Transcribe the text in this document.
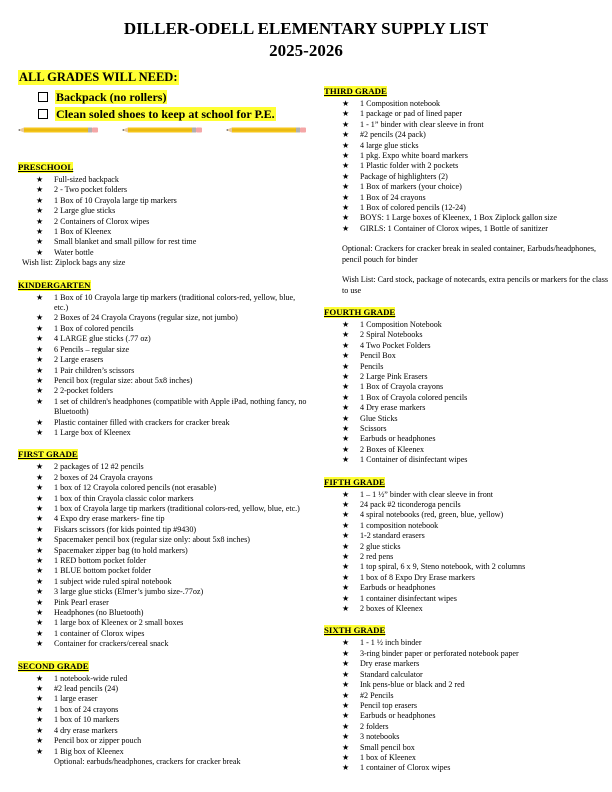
DILLER-ODELL ELEMENTARY SUPPLY LIST
2025-2026
ALL GRADES WILL NEED:
Backpack (no rollers)
Clean soled shoes to keep at school for P.E.
PRESCHOOL
★ Full-sized backpack
★ 2 - Two pocket folders
★ 1 Box of 10 Crayola large tip markers
★ 2 Large glue sticks
★ 2 Containers of Clorox wipes
★ 1 Box of Kleenex
★ Small blanket and small pillow for rest time
★ Water bottle
Wish list: Ziplock bags any size
KINDERGARTEN
★ 1 Box of 10 Crayola large tip markers (traditional colors-red, yellow, blue, etc.)
★ 2 Boxes of 24 Crayola Crayons (regular size, not jumbo)
★ 1 Box of colored pencils
★ 4 LARGE glue sticks (.77 oz)
★ 6 Pencils – regular size
★ 2 Large erasers
★ 1 Pair children’s scissors
★ Pencil box (regular size: about 5x8 inches)
★ 2 2-pocket folders
★ 1 set of children's headphones (compatible with Apple iPad, nothing fancy, no Bluetooth)
★ Plastic container filled with crackers for cracker break
★ 1 Large box of Kleenex
FIRST GRADE
★ 2 packages of 12 #2 pencils
★ 2 boxes of 24 Crayola crayons
★ 1 box of 12 Crayola colored pencils (not erasable)
★ 1 box of thin Crayola classic color markers
★ 1 box of Crayola large tip markers (traditional colors-red, yellow, blue, etc.)
★ 4 Expo dry erase markers- fine tip
★ Fiskars scissors (for kids pointed tip #9430)
★ Spacemaker pencil box (regular size only: about 5x8 inches)
★ Spacemaker zipper bag (to hold markers)
★ 1 RED bottom pocket folder
★ 1 BLUE bottom pocket folder
★ 1 subject wide ruled spiral notebook
★ 3 large glue sticks (Elmer’s jumbo size-.77oz)
★ Pink Pearl eraser
★ Headphones (no Bluetooth)
★ 1 large box of Kleenex or 2 small boxes
★ 1 container of Clorox wipes
★ Container for crackers/cereal snack
SECOND GRADE
★ 1 notebook-wide ruled
★ #2 lead pencils (24)
★ 1 large eraser
★ 1 box of 24 crayons
★ 1 box of 10 markers
★ 4 dry erase markers
★ Pencil box or zipper pouch
★ 1 Big box of Kleenex
Optional: earbuds/headphones, crackers for cracker break
THIRD GRADE
★ 1 Composition notebook
★ 1 package or pad of lined paper
★ 1 - 1” binder with clear sleeve in front
★ #2 pencils (24 pack)
★ 4 large glue sticks
★ 1 pkg. Expo white board markers
★ 1 Plastic folder with 2 pockets
★ Package of highlighters (2)
★ 1 Box of markers (your choice)
★ 1 Box of 24 crayons
★ 1 Box of colored pencils (12-24)
★ BOYS: 1 Large boxes of Kleenex, 1 Box Ziplock gallon size
★ GIRLS: 1 Container of Clorox wipes, 1 Bottle of sanitizer
Optional: Crackers for cracker break in sealed container, Earbuds/headphones, pencil pouch for binder
Wish List: Card stock, package of notecards, extra pencils or markers for the class to use
FOURTH GRADE
★ 1 Composition Notebook
★ 2 Spiral Notebooks
★ 4 Two Pocket Folders
★ Pencil Box
★ Pencils
★ 2 Large Pink Erasers
★ 1 Box of Crayola crayons
★ 1 Box of Crayola colored pencils
★ 4 Dry erase markers
★ Glue Sticks
★ Scissors
★ Earbuds or headphones
★ 2 Boxes of Kleenex
★ 1 Container of disinfectant wipes
FIFTH GRADE
★ 1 – 1 ½” binder with clear sleeve in front
★ 24 pack #2 ticonderoga pencils
★ 4 spiral notebooks (red, green, blue, yellow)
★ 1 composition notebook
★ 1-2 standard erasers
★ 2 glue sticks
★ 2 red pens
★ 1 top spiral, 6 x 9, Steno notebook, with 2 columns
★ 1 box of 8 Expo Dry Erase markers
★ Earbuds or headphones
★ 1 container disinfectant wipes
★ 2 boxes of Kleenex
SIXTH GRADE
★ 1 - 1 ½ inch binder
★ 3-ring binder paper or perforated notebook paper
★ Dry erase markers
★ Standard calculator
★ Ink pens-blue or black and 2 red
★ #2 Pencils
★ Pencil top erasers
★ Earbuds or headphones
★ 2 folders
★ 3 notebooks
★ Small pencil box
★ 1 box of Kleenex
★ 1 container of Clorox wipes
